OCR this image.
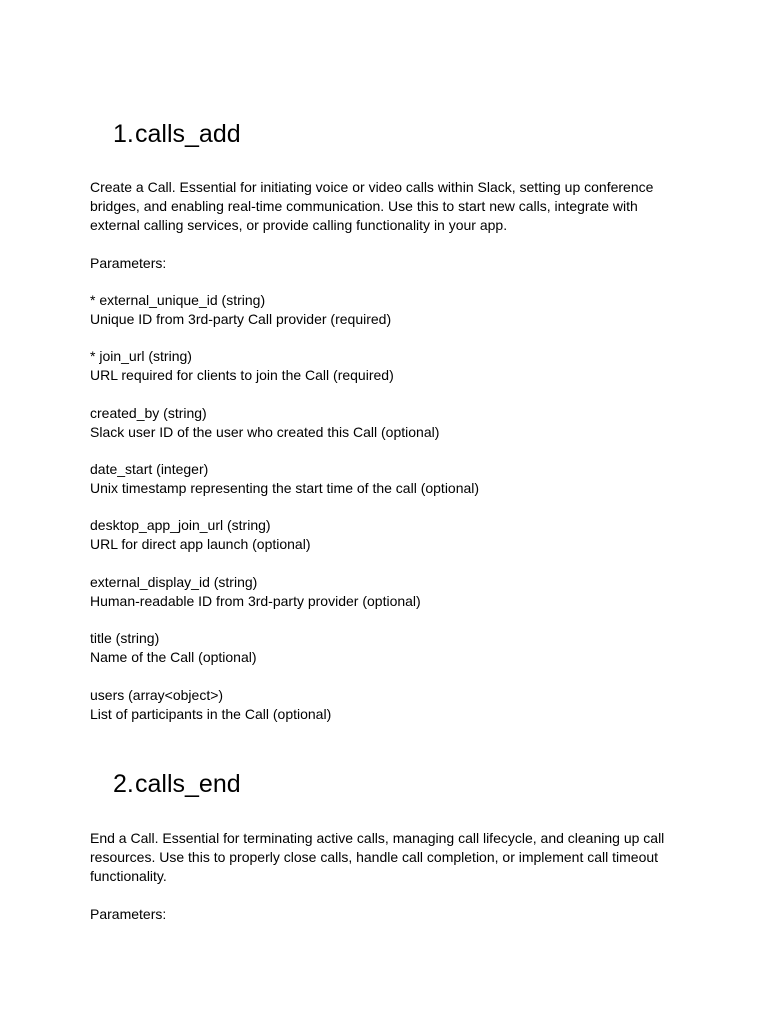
1.calls_add

Create a Call. Essential for initiating voice or video calls within Slack, setting up conference bridges, and enabling real-time communication. Use this to start new calls, integrate with external calling services, or provide calling functionality in your app.

Parameters:

* external_unique_id (string)
Unique ID from 3rd-party Call provider (required)
* join_url (string)
URL required for clients to join the Call (required)
created_by (string)
Slack user ID of the user who created this Call (optional)
date_start (integer)
Unix timestamp representing the start time of the call (optional)
desktop_app_join_url (string)
URL for direct app launch (optional)
external_display_id (string)
Human-readable ID from 3rd-party provider (optional)
title (string)
Name of the Call (optional)
users (array<object>)
List of participants in the Call (optional)
2.calls_end

End a Call. Essential for terminating active calls, managing call lifecycle, and cleaning up call resources. Use this to properly close calls, handle call completion, or implement call timeout functionality.

Parameters:
